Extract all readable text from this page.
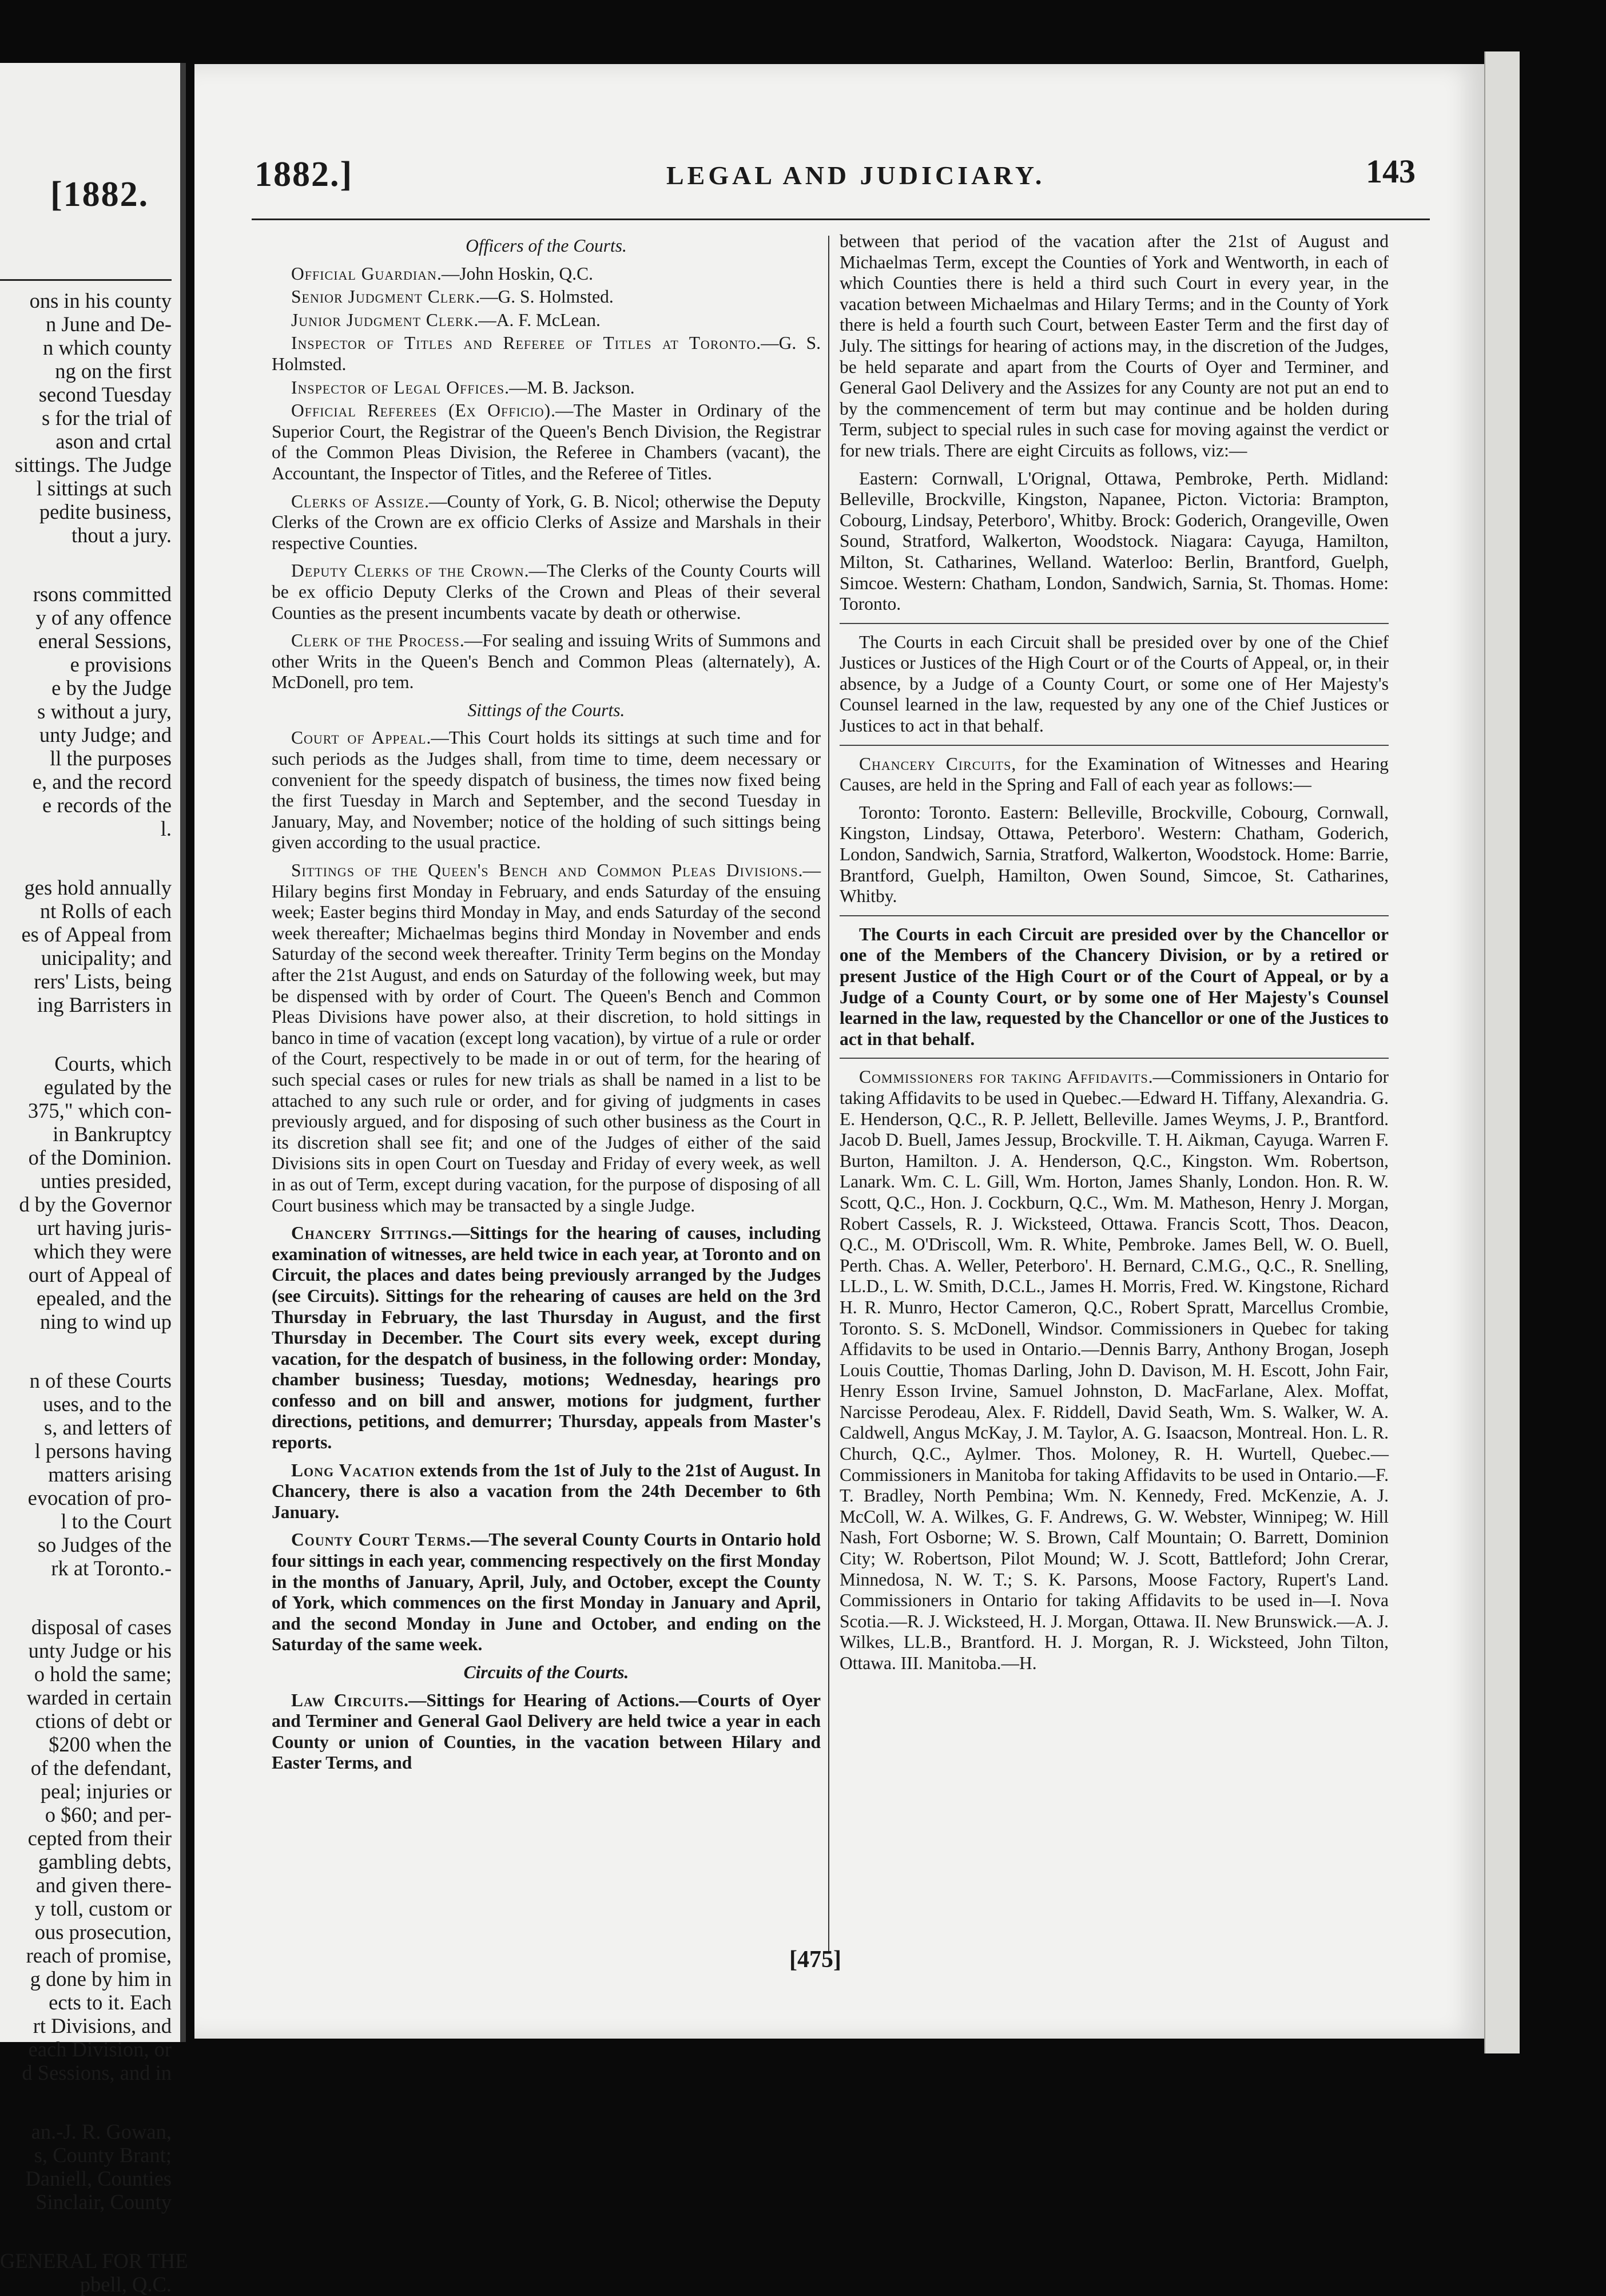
[1882.
ons in his county
n June and De-
n which county
ng on the first
second Tuesday
s for the trial of
ason and crtal
sittings. The Judge
l sittings at such
pedite business,
thout a jury.
rsons committed
y of any offence
eneral Sessions,
e provisions
e by the Judge
s without a jury,
unty Judge; and
ll the purposes
e, and the record
e records of the
l.
ges hold annually
nt Rolls of each
es of Appeal from
unicipality; and
rers' Lists, being
ing Barristers in
Courts, which
egulated by the
375," which con-
in Bankruptcy
of the Dominion.
unties presided,
d by the Governor
urt having juris-
which they were
ourt of Appeal of
epealed, and the
ning to wind up
n of these Courts
uses, and to the
s, and letters of
l persons having
matters arising
evocation of pro-
l to the Court
so Judges of the
rk at Toronto.-
disposal of cases
unty Judge or his
o hold the same;
warded in certain
ctions of debt or
$200 when the
of the defendant,
peal; injuries or
o $60; and per-
cepted from their
gambling debts,
and given there-
y toll, custom or
ous prosecution,
reach of promise,
g done by him in
ects to it. Each
rt Divisions, and
each Division, or
d Sessions, and in
an.-J. R. Gowan,
s, County Brant;
Daniell, Counties
Sinclair, County
GENERAL FOR THE
pbell, Q.C.
1882.]	LEGAL AND JUDICIARY.	143

Officers of the Courts.

Official Guardian.—John Hoskin, Q.C.

Senior Judgment Clerk.—G. S. Holmsted.

Junior Judgment Clerk.—A. F. McLean.

Inspector of Titles and Referee of Titles at Toronto.—G. S. Holmsted.

Inspector of Legal Offices.—M. B. Jackson.

Official Referees (Ex Officio).—The Master in Ordinary of the Superior Court, the Registrar of the Queen's Bench Division, the Registrar of the Common Pleas Division, the Referee in Chambers (vacant), the Accountant, the Inspector of Titles, and the Referee of Titles.

Clerks of Assize.—County of York, G. B. Nicol; otherwise the Deputy Clerks of the Crown are ex officio Clerks of Assize and Marshals in their respective Counties.

Deputy Clerks of the Crown.—The Clerks of the County Courts will be ex officio Deputy Clerks of the Crown and Pleas of their several Counties as the present incumbents vacate by death or otherwise.

Clerk of the Process.—For sealing and issuing Writs of Summons and other Writs in the Queen's Bench and Common Pleas (alternately), A. McDonell, pro tem.

Sittings of the Courts.

Court of Appeal.—This Court holds its sittings at such time and for such periods as the Judges shall, from time to time, deem necessary or convenient for the speedy dispatch of business, the times now fixed being the first Tuesday in March and September, and the second Tuesday in January, May, and November; notice of the holding of such sittings being given according to the usual practice.

Sittings of the Queen's Bench and Common Pleas Divisions.—Hilary begins first Monday in February, and ends Saturday of the ensuing week; Easter begins third Monday in May, and ends Saturday of the second week thereafter; Michaelmas begins third Monday in November and ends Saturday of the second week thereafter. Trinity Term begins on the Monday after the 21st August, and ends on Saturday of the following week, but may be dispensed with by order of Court. The Queen's Bench and Common Pleas Divisions have power also, at their discretion, to hold sittings in banco in time of vacation (except long vacation), by virtue of a rule or order of the Court, respectively to be made in or out of term, for the hearing of such special cases or rules for new trials as shall be named in a list to be attached to any such rule or order, and for giving of judgments in cases previously argued, and for disposing of such other business as the Court in its discretion shall see fit; and one of the Judges of either of the said Divisions sits in open Court on Tuesday and Friday of every week, as well in as out of Term, except during vacation, for the purpose of disposing of all Court business which may be transacted by a single Judge.

Chancery Sittings.—Sittings for the hearing of causes, including examination of witnesses, are held twice in each year, at Toronto and on Circuit, the places and dates being previously arranged by the Judges (see Circuits). Sittings for the rehearing of causes are held on the 3rd Thursday in February, the last Thursday in August, and the first Thursday in December. The Court sits every week, except during vacation, for the despatch of business, in the following order: Monday, chamber business; Tuesday, motions; Wednesday, hearings pro confesso and on bill and answer, motions for judgment, further directions, petitions, and demurrer; Thursday, appeals from Master's reports.

Long Vacation extends from the 1st of July to the 21st of August. In Chancery, there is also a vacation from the 24th December to 6th January.

County Court Terms.—The several County Courts in Ontario hold four sittings in each year, commencing respectively on the first Monday in the months of January, April, July, and October, except the County of York, which commences on the first Monday in January and April, and the second Monday in June and October, and ending on the Saturday of the same week.

Circuits of the Courts.

Law Circuits.—Sittings for Hearing of Actions.—Courts of Oyer and Terminer and General Gaol Delivery are held twice a year in each County or union of Counties, in the vacation between Hilary and Easter Terms, and

between that period of the vacation after the 21st of August and Michaelmas Term, except the Counties of York and Wentworth, in each of which Counties there is held a third such Court in every year, in the vacation between Michaelmas and Hilary Terms; and in the County of York there is held a fourth such Court, between Easter Term and the first day of July. The sittings for hearing of actions may, in the discretion of the Judges, be held separate and apart from the Courts of Oyer and Terminer, and General Gaol Delivery and the Assizes for any County are not put an end to by the commencement of term but may continue and be holden during Term, subject to special rules in such case for moving against the verdict or for new trials. There are eight Circuits as follows, viz:—

Eastern: Cornwall, L'Orignal, Ottawa, Pembroke, Perth. Midland: Belleville, Brockville, Kingston, Napanee, Picton. Victoria: Brampton, Cobourg, Lindsay, Peterboro', Whitby. Brock: Goderich, Orangeville, Owen Sound, Stratford, Walkerton, Woodstock. Niagara: Cayuga, Hamilton, Milton, St. Catharines, Welland. Waterloo: Berlin, Brantford, Guelph, Simcoe. Western: Chatham, London, Sandwich, Sarnia, St. Thomas. Home: Toronto.

The Courts in each Circuit shall be presided over by one of the Chief Justices or Justices of the High Court or of the Courts of Appeal, or, in their absence, by a Judge of a County Court, or some one of Her Majesty's Counsel learned in the law, requested by any one of the Chief Justices or Justices to act in that behalf.

Chancery Circuits, for the Examination of Witnesses and Hearing Causes, are held in the Spring and Fall of each year as follows:—

Toronto: Toronto. Eastern: Belleville, Brockville, Cobourg, Cornwall, Kingston, Lindsay, Ottawa, Peterboro'. Western: Chatham, Goderich, London, Sandwich, Sarnia, Stratford, Walkerton, Woodstock. Home: Barrie, Brantford, Guelph, Hamilton, Owen Sound, Simcoe, St. Catharines, Whitby.

The Courts in each Circuit are presided over by the Chancellor or one of the Members of the Chancery Division, or by a retired or present Justice of the High Court or of the Court of Appeal, or by a Judge of a County Court, or by some one of Her Majesty's Counsel learned in the law, requested by the Chancellor or one of the Justices to act in that behalf.

Commissioners for taking Affidavits.—Commissioners in Ontario for taking Affidavits to be used in Quebec.—Edward H. Tiffany, Alexandria. G. E. Henderson, Q.C., R. P. Jellett, Belleville. James Weyms, J. P., Brantford. Jacob D. Buell, James Jessup, Brockville. T. H. Aikman, Cayuga. Warren F. Burton, Hamilton. J. A. Henderson, Q.C., Kingston. Wm. Robertson, Lanark. Wm. C. L. Gill, Wm. Horton, James Shanly, London. Hon. R. W. Scott, Q.C., Hon. J. Cockburn, Q.C., Wm. M. Matheson, Henry J. Morgan, Robert Cassels, R. J. Wicksteed, Ottawa. Francis Scott, Thos. Deacon, Q.C., M. O'Driscoll, Wm. R. White, Pembroke. James Bell, W. O. Buell, Perth. Chas. A. Weller, Peterboro'. H. Bernard, C.M.G., Q.C., R. Snelling, LL.D., L. W. Smith, D.C.L., James H. Morris, Fred. W. Kingstone, Richard H. R. Munro, Hector Cameron, Q.C., Robert Spratt, Marcellus Crombie, Toronto. S. S. McDonell, Windsor. Commissioners in Quebec for taking Affidavits to be used in Ontario.—Dennis Barry, Anthony Brogan, Joseph Louis Couttie, Thomas Darling, John D. Davison, M. H. Escott, John Fair, Henry Esson Irvine, Samuel Johnston, D. MacFarlane, Alex. Moffat, Narcisse Perodeau, Alex. F. Riddell, David Seath, Wm. S. Walker, W. A. Caldwell, Angus McKay, J. M. Taylor, A. G. Isaacson, Montreal. Hon. L. R. Church, Q.C., Aylmer. Thos. Moloney, R. H. Wurtell, Quebec.—Commissioners in Manitoba for taking Affidavits to be used in Ontario.—F. T. Bradley, North Pembina; Wm. N. Kennedy, Fred. McKenzie, A. J. McColl, W. A. Wilkes, G. F. Andrews, G. W. Webster, Winnipeg; W. Hill Nash, Fort Osborne; W. S. Brown, Calf Mountain; O. Barrett, Dominion City; W. Robertson, Pilot Mound; W. J. Scott, Battleford; John Crerar, Minnedosa, N. W. T.; S. K. Parsons, Moose Factory, Rupert's Land. Commissioners in Ontario for taking Affidavits to be used in—I. Nova Scotia.—R. J. Wicksteed, H. J. Morgan, Ottawa. II. New Brunswick.—A. J. Wilkes, LL.B., Brantford. H. J. Morgan, R. J. Wicksteed, John Tilton, Ottawa. III. Manitoba.—H.

[475]
